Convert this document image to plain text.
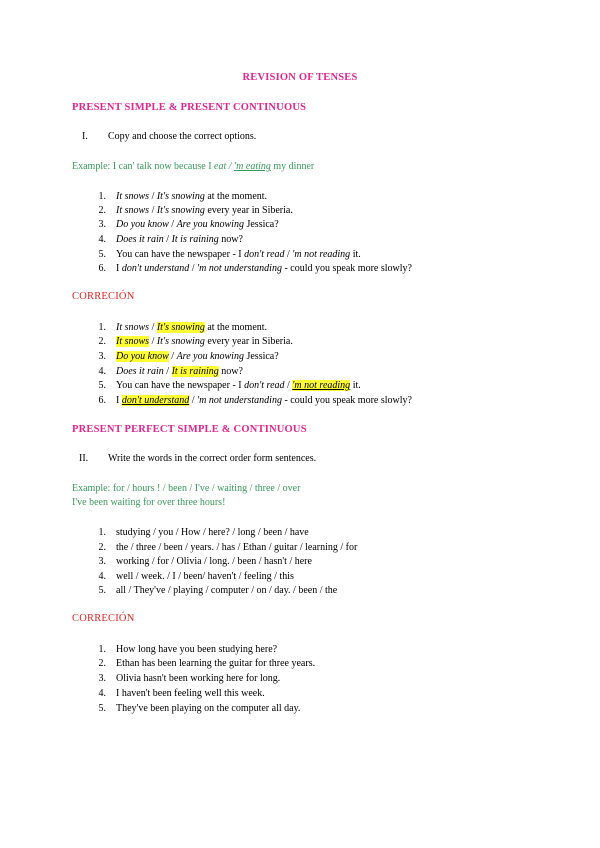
REVISION OF TENSES
PRESENT SIMPLE & PRESENT CONTINUOUS
I. Copy and choose the correct options.
Example: I can' talk now because I eat / 'm eating my dinner
1. It snows / It's snowing at the moment.
2. It snows / It's snowing every year in Siberia.
3. Do you know / Are you knowing Jessica?
4. Does it rain / It is raining now?
5. You can have the newspaper - I don't read / 'm not reading it.
6. I don't understand / 'm not understanding - could you speak more slowly?
CORRECIÓN
1. It snows / It's snowing at the moment.
2. It snows / It's snowing every year in Siberia.
3. Do you know / Are you knowing Jessica?
4. Does it rain / It is raining now?
5. You can have the newspaper - I don't read / 'm not reading it.
6. I don't understand / 'm not understanding - could you speak more slowly?
PRESENT PERFECT SIMPLE & CONTINUOUS
II. Write the words in the correct order form sentences.
Example: for / hours ! / been / I've / waiting / three / over
I've been waiting for over three hours!
1. studying / you / How / here? / long / been / have
2. the / three / been / years. / has / Ethan / guitar / learning / for
3. working / for / Olivia / long. / been / hasn't / here
4. well / week. / I / been/ haven't / feeling / this
5. all / They've / playing / computer / on / day. / been / the
CORRECIÓN
1. How long have you been studying here?
2. Ethan has been learning the guitar for three years.
3. Olivia hasn't been working here for long.
4. I haven't been feeling well this week.
5. They've been playing on the computer all day.
